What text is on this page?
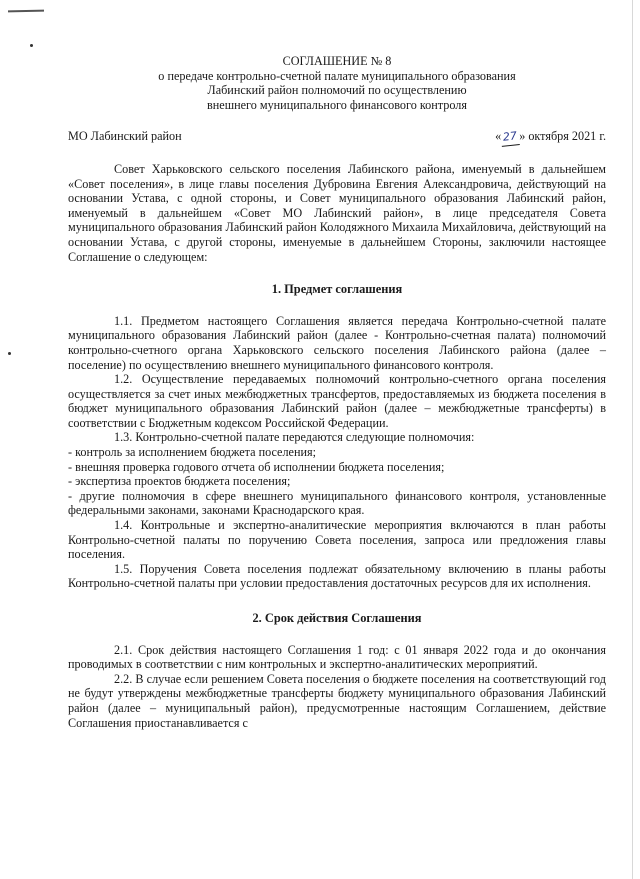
СОГЛАШЕНИЕ № 8
о передаче контрольно-счетной палате муниципального образования
Лабинский район полномочий по осуществлению
внешнего муниципального финансового контроля
МО Лабинский район	«27» октября 2021 г.

Совет Харьковского сельского поселения Лабинского района, именуемый в дальнейшем «Совет поселения», в лице главы поселения Дубровина Евгения Александровича, действующий на основании Устава, с одной стороны, и Совет муниципального образования Лабинский район, именуемый в дальнейшем «Совет МО Лабинский район», в лице председателя Совета муниципального образования Лабинский район Колодяжного Михаила Михайловича, действующий на основании Устава, с другой стороны, именуемые в дальнейшем Стороны, заключили настоящее Соглашение о следующем:

1. Предмет соглашения

1.1. Предметом настоящего Соглашения является передача Контрольно-счетной палате муниципального образования Лабинский район (далее - Контрольно-счетная палата) полномочий контрольно-счетного органа Харьковского сельского поселения Лабинского района (далее – поселение) по осуществлению внешнего муниципального финансового контроля.

1.2. Осуществление передаваемых полномочий контрольно-счетного органа поселения осуществляется за счет иных межбюджетных трансфертов, предоставляемых из бюджета поселения в бюджет муниципального образования Лабинский район (далее – межбюджетные трансферты) в соответствии с Бюджетным кодексом Российской Федерации.

1.3. Контрольно-счетной палате передаются следующие полномочия:

- контроль за исполнением бюджета поселения;

- внешняя проверка годового отчета об исполнении бюджета поселения;

- экспертиза проектов бюджета поселения;

- другие полномочия в сфере внешнего муниципального финансового контроля, установленные федеральными законами, законами Краснодарского края.

1.4. Контрольные и экспертно-аналитические мероприятия включаются в план работы Контрольно-счетной палаты по поручению Совета поселения, запроса или предложения главы поселения.

1.5. Поручения Совета поселения подлежат обязательному включению в планы работы Контрольно-счетной палаты при условии предоставления достаточных ресурсов для их исполнения.

2. Срок действия Соглашения

2.1. Срок действия настоящего Соглашения 1 год: с 01 января 2022 года и до окончания проводимых в соответствии с ним контрольных и экспертно-аналитических мероприятий.

2.2. В случае если решением Совета поселения о бюджете поселения на соответствующий год не будут утверждены межбюджетные трансферты бюджету муниципального образования Лабинский район (далее – муниципальный район), предусмотренные настоящим Соглашением, действие Соглашения приостанавливается с
